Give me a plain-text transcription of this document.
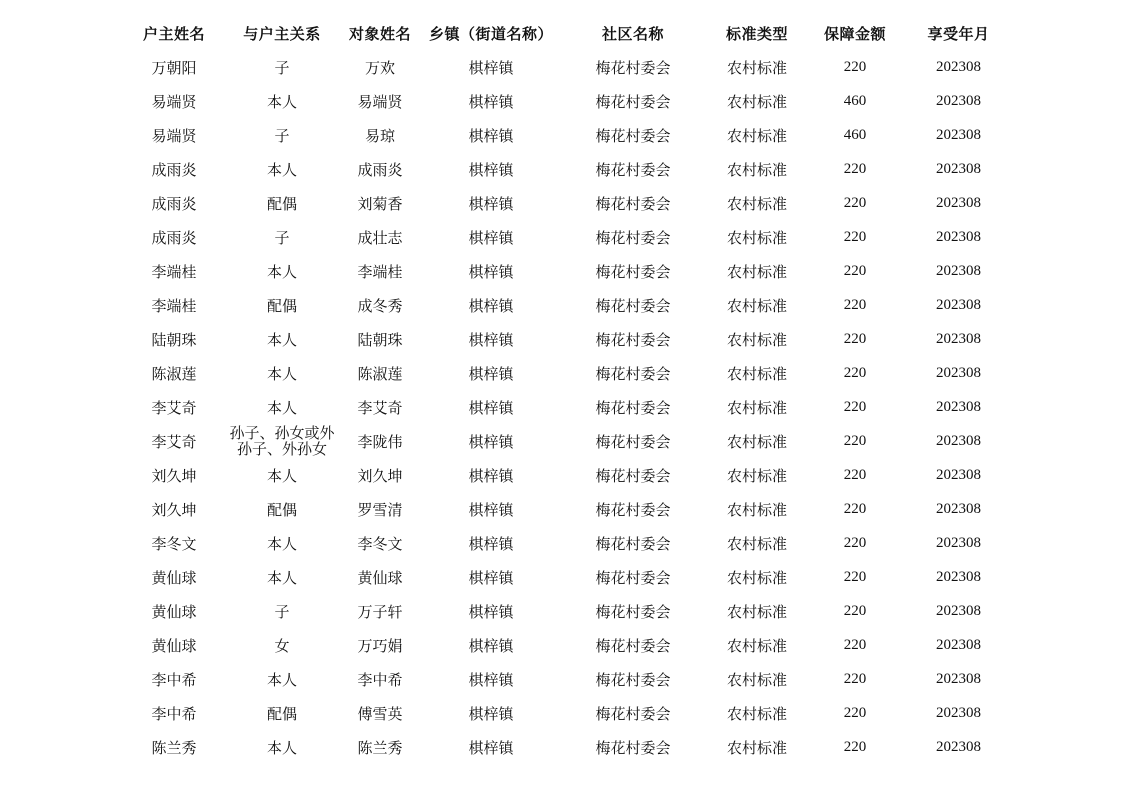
户主姓名	与户主关系	对象姓名	乡镇（街道名称）	社区名称	标准类型	保障金额	享受年月
万朝阳	子	万欢	棋梓镇	梅花村委会	农村标准	220	202308
易端贤	本人	易端贤	棋梓镇	梅花村委会	农村标准	460	202308
易端贤	子	易琼	棋梓镇	梅花村委会	农村标准	460	202308
成雨炎	本人	成雨炎	棋梓镇	梅花村委会	农村标准	220	202308
成雨炎	配偶	刘菊香	棋梓镇	梅花村委会	农村标准	220	202308
成雨炎	子	成壮志	棋梓镇	梅花村委会	农村标准	220	202308
李端桂	本人	李端桂	棋梓镇	梅花村委会	农村标准	220	202308
李端桂	配偶	成冬秀	棋梓镇	梅花村委会	农村标准	220	202308
陆朝珠	本人	陆朝珠	棋梓镇	梅花村委会	农村标准	220	202308
陈淑莲	本人	陈淑莲	棋梓镇	梅花村委会	农村标准	220	202308
李艾奇	本人	李艾奇	棋梓镇	梅花村委会	农村标准	220	202308
李艾奇	孙子、孙女或外孙子、外孙女	李陇伟	棋梓镇	梅花村委会	农村标准	220	202308
刘久坤	本人	刘久坤	棋梓镇	梅花村委会	农村标准	220	202308
刘久坤	配偶	罗雪清	棋梓镇	梅花村委会	农村标准	220	202308
李冬文	本人	李冬文	棋梓镇	梅花村委会	农村标准	220	202308
黄仙球	本人	黄仙球	棋梓镇	梅花村委会	农村标准	220	202308
黄仙球	子	万子轩	棋梓镇	梅花村委会	农村标准	220	202308
黄仙球	女	万巧娟	棋梓镇	梅花村委会	农村标准	220	202308
李中希	本人	李中希	棋梓镇	梅花村委会	农村标准	220	202308
李中希	配偶	傅雪英	棋梓镇	梅花村委会	农村标准	220	202308
陈兰秀	本人	陈兰秀	棋梓镇	梅花村委会	农村标准	220	202308
